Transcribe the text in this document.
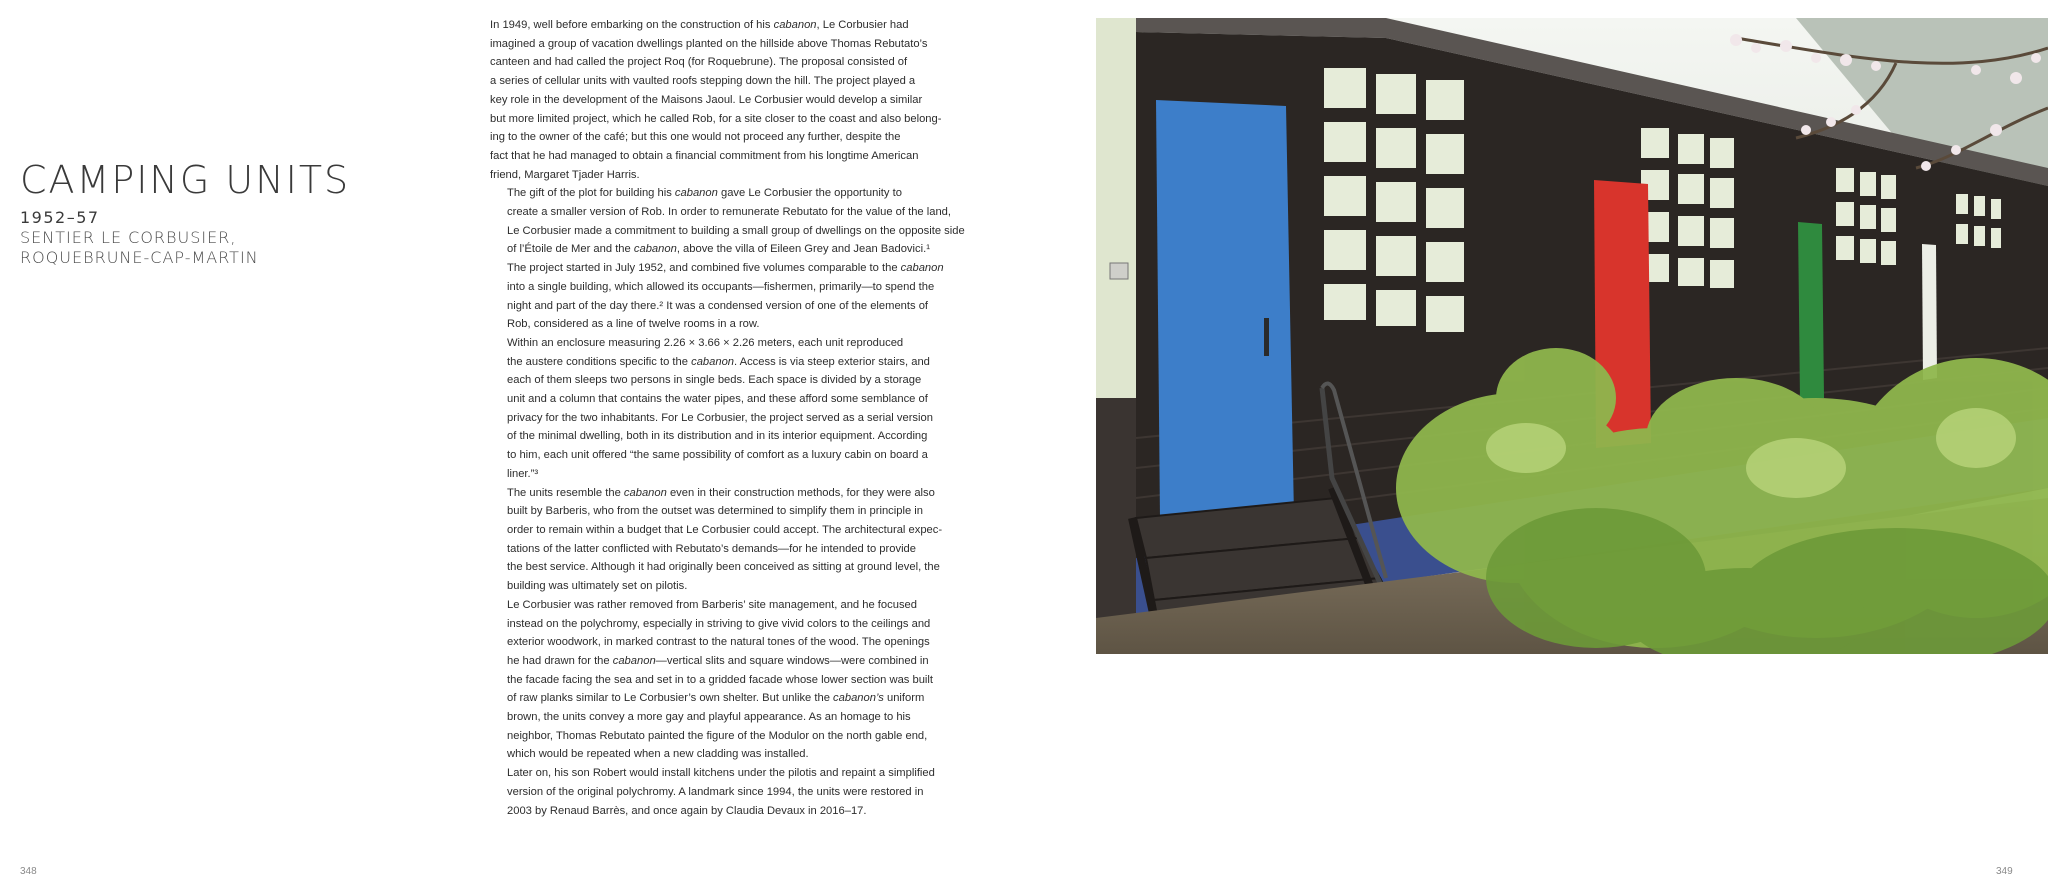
CAMPING UNITS
1952–57
SENTIER LE CORBUSIER,
ROQUEBRUNE-CAP-MARTIN

In 1949, well before embarking on the construction of his cabanon, Le Corbusier had
imagined a group of vacation dwellings planted on the hillside above Thomas Rebutato’s
canteen and had called the project Roq (for Roquebrune). The proposal consisted of
a series of cellular units with vaulted roofs stepping down the hill. The project played a
key role in the development of the Maisons Jaoul. Le Corbusier would develop a similar
but more limited project, which he called Rob, for a site closer to the coast and also belong-
ing to the owner of the café; but this one would not proceed any further, despite the
fact that he had managed to obtain a financial commitment from his longtime American
friend, Margaret Tjader Harris.

The gift of the plot for building his cabanon gave Le Corbusier the opportunity to
create a smaller version of Rob. In order to remunerate Rebutato for the value of the land,
Le Corbusier made a commitment to building a small group of dwellings on the opposite side
of l’Étoile de Mer and the cabanon, above the villa of Eileen Grey and Jean Badovici.¹
The project started in July 1952, and combined five volumes comparable to the cabanon
into a single building, which allowed its occupants—fishermen, primarily—to spend the
night and part of the day there.² It was a condensed version of one of the elements of
Rob, considered as a line of twelve rooms in a row.

Within an enclosure measuring 2.26 × 3.66 × 2.26 meters, each unit reproduced
the austere conditions specific to the cabanon. Access is via steep exterior stairs, and
each of them sleeps two persons in single beds. Each space is divided by a storage
unit and a column that contains the water pipes, and these afford some semblance of
privacy for the two inhabitants. For Le Corbusier, the project served as a serial version
of the minimal dwelling, both in its distribution and in its interior equipment. According
to him, each unit offered “the same possibility of comfort as a luxury cabin on board a
liner.”³

The units resemble the cabanon even in their construction methods, for they were also
built by Barberis, who from the outset was determined to simplify them in principle in
order to remain within a budget that Le Corbusier could accept. The architectural expec-
tations of the latter conflicted with Rebutato’s demands—for he intended to provide
the best service. Although it had originally been conceived as sitting at ground level, the
building was ultimately set on pilotis.

Le Corbusier was rather removed from Barberis’ site management, and he focused
instead on the polychromy, especially in striving to give vivid colors to the ceilings and
exterior woodwork, in marked contrast to the natural tones of the wood. The openings
he had drawn for the cabanon—vertical slits and square windows—were combined in
the facade facing the sea and set in to a gridded facade whose lower section was built
of raw planks similar to Le Corbusier’s own shelter. But unlike the cabanon’s uniform
brown, the units convey a more gay and playful appearance. As an homage to his
neighbor, Thomas Rebutato painted the figure of the Modulor on the north gable end,
which would be repeated when a new cladding was installed.

Later on, his son Robert would install kitchens under the pilotis and repaint a simplified
version of the original polychromy. A landmark since 1994, the units were restored in
2003 by Renaud Barrès, and once again by Claudia Devaux in 2016–17.

348	349
